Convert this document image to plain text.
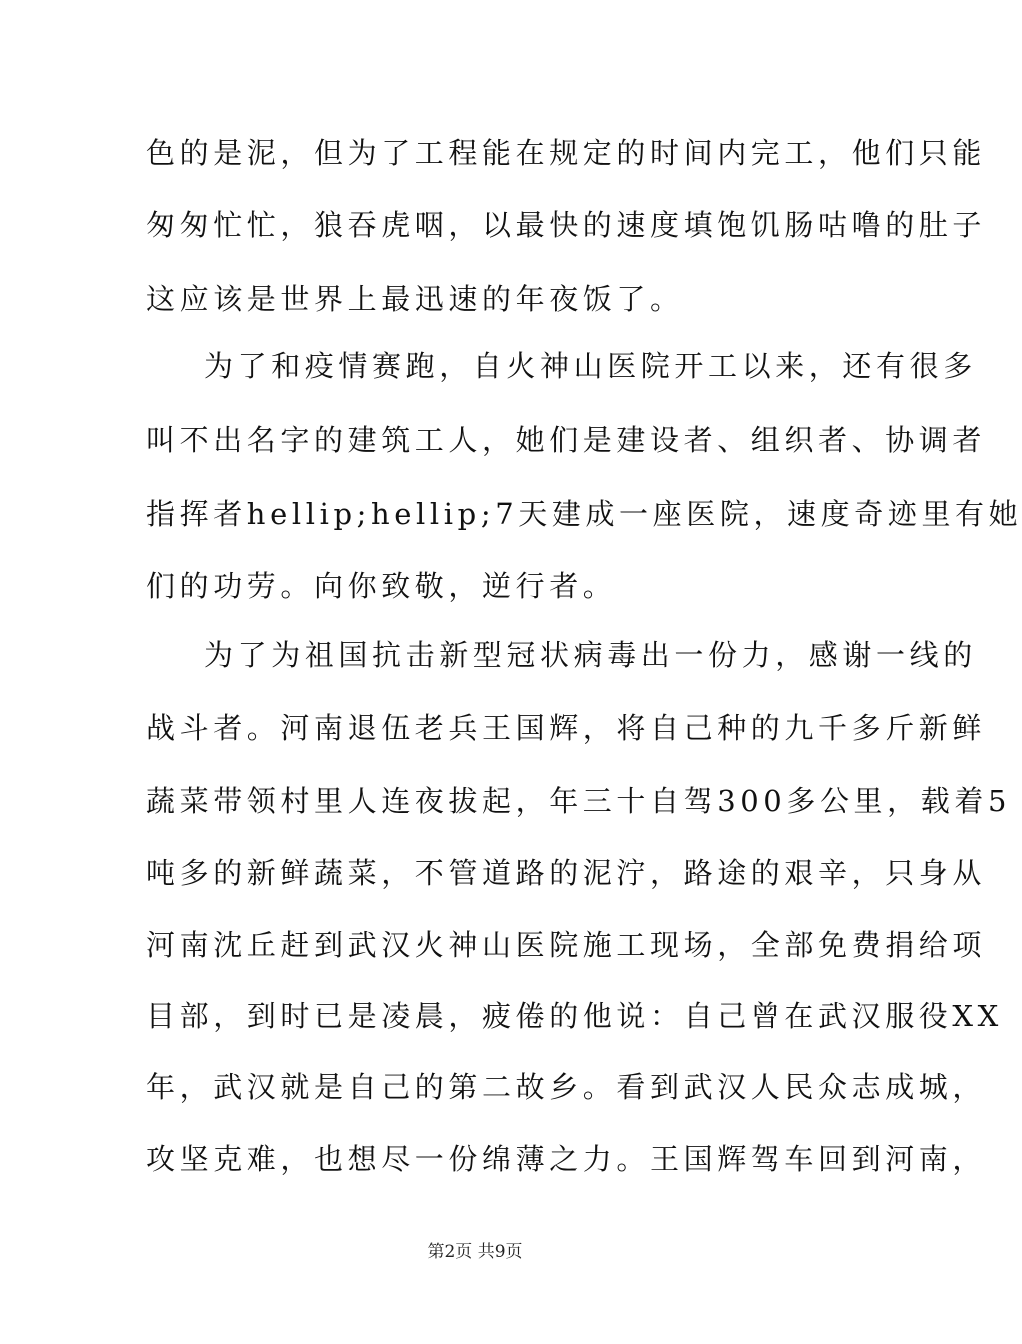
色的是泥，但为了工程能在规定的时间内完工，他们只能
匆匆忙忙，狼吞虎咽，以最快的速度填饱饥肠咕噜的肚子
这应该是世界上最迅速的年夜饭了。
为了和疫情赛跑，自火神山医院开工以来，还有很多
叫不出名字的建筑工人，她们是建设者、组织者、协调者
指挥者hellip;hellip;7天建成一座医院，速度奇迹里有她
们的功劳。向你致敬，逆行者。
为了为祖国抗击新型冠状病毒出一份力，感谢一线的
战斗者。河南退伍老兵王国辉，将自己种的九千多斤新鲜
蔬菜带领村里人连夜拔起，年三十自驾300多公里，载着5
吨多的新鲜蔬菜，不管道路的泥泞，路途的艰辛，只身从
河南沈丘赶到武汉火神山医院施工现场，全部免费捐给项
目部，到时已是凌晨，疲倦的他说：自己曾在武汉服役XX
年，武汉就是自己的第二故乡。看到武汉人民众志成城，
攻坚克难，也想尽一份绵薄之力。王国辉驾车回到河南，
第2页 共9页
